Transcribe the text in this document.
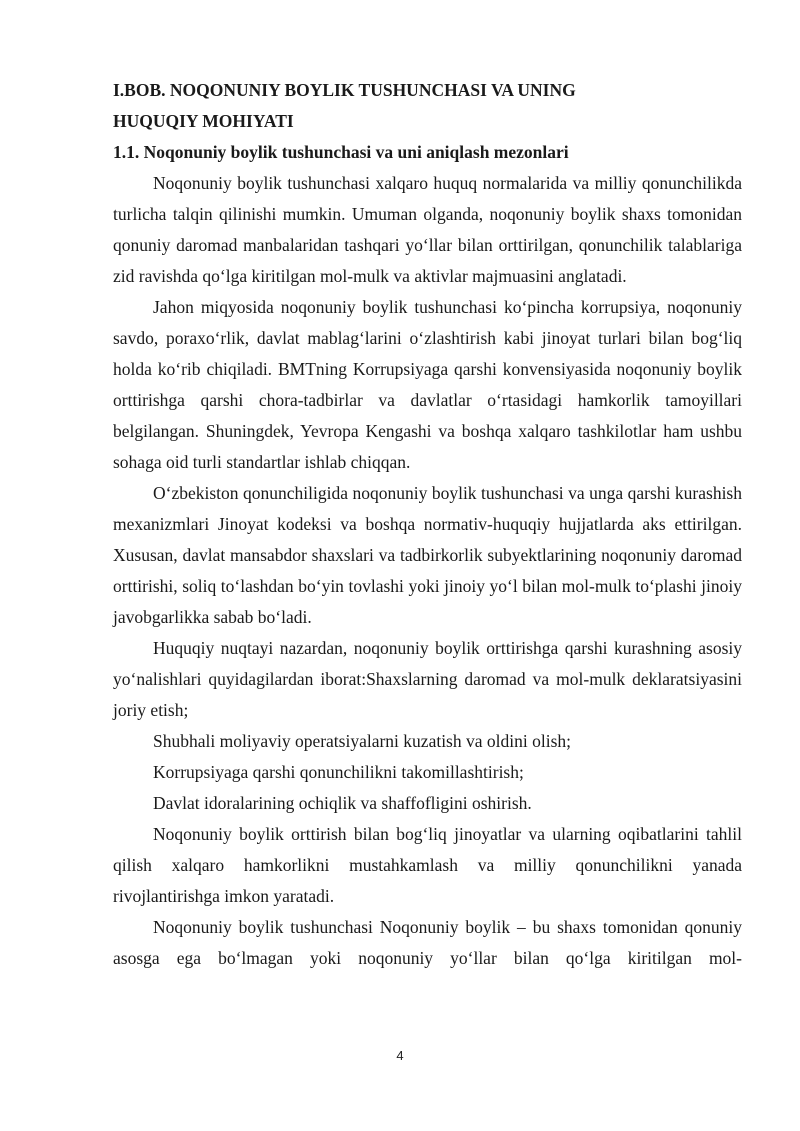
I.BOB. NOQONUNIY BOYLIK TUSHUNCHASI VA UNING

HUQUQIY MOHIYATI

1.1. Noqonuniy boylik tushunchasi va uni aniqlash mezonlari

Noqonuniy boylik tushunchasi xalqaro huquq normalarida va milliy qonunchilikda turlicha talqin qilinishi mumkin. Umuman olganda, noqonuniy boylik shaxs tomonidan qonuniy daromad manbalaridan tashqari yo‘llar bilan orttirilgan, qonunchilik talablariga zid ravishda qo‘lga kiritilgan mol-mulk va aktivlar majmuasini anglatadi.

Jahon miqyosida noqonuniy boylik tushunchasi ko‘pincha korrupsiya, noqonuniy savdo, poraxo‘rlik, davlat mablag‘larini o‘zlashtirish kabi jinoyat turlari bilan bog‘liq holda ko‘rib chiqiladi. BMTning Korrupsiyaga qarshi konvensiyasida noqonuniy boylik orttirishga qarshi chora-tadbirlar va davlatlar o‘rtasidagi hamkorlik tamoyillari belgilangan. Shuningdek, Yevropa Kengashi va boshqa xalqaro tashkilotlar ham ushbu sohaga oid turli standartlar ishlab chiqqan.

O‘zbekiston qonunchiligida noqonuniy boylik tushunchasi va unga qarshi kurashish mexanizmlari Jinoyat kodeksi va boshqa normativ-huquqiy hujjatlarda aks ettirilgan. Xususan, davlat mansabdor shaxslari va tadbirkorlik subyektlarining noqonuniy daromad orttirishi, soliq to‘lashdan bo‘yin tovlashi yoki jinoiy yo‘l bilan mol-mulk to‘plashi jinoiy javobgarlikka sabab bo‘ladi.

Huquqiy nuqtayi nazardan, noqonuniy boylik orttirishga qarshi kurashning asosiy yo‘nalishlari quyidagilardan iborat:Shaxslarning daromad va mol-mulk deklaratsiyasini joriy etish;

Shubhali moliyaviy operatsiyalarni kuzatish va oldini olish;

Korrupsiyaga qarshi qonunchilikni takomillashtirish;

Davlat idoralarining ochiqlik va shaffofligini oshirish.

Noqonuniy boylik orttirish bilan bog‘liq jinoyatlar va ularning oqibatlarini tahlil qilish xalqaro hamkorlikni mustahkamlash va milliy qonunchilikni yanada rivojlantirishga imkon yaratadi.

Noqonuniy boylik tushunchasi Noqonuniy boylik – bu shaxs tomonidan qonuniy asosga ega bo‘lmagan yoki noqonuniy yo‘llar bilan qo‘lga kiritilgan mol-

4
